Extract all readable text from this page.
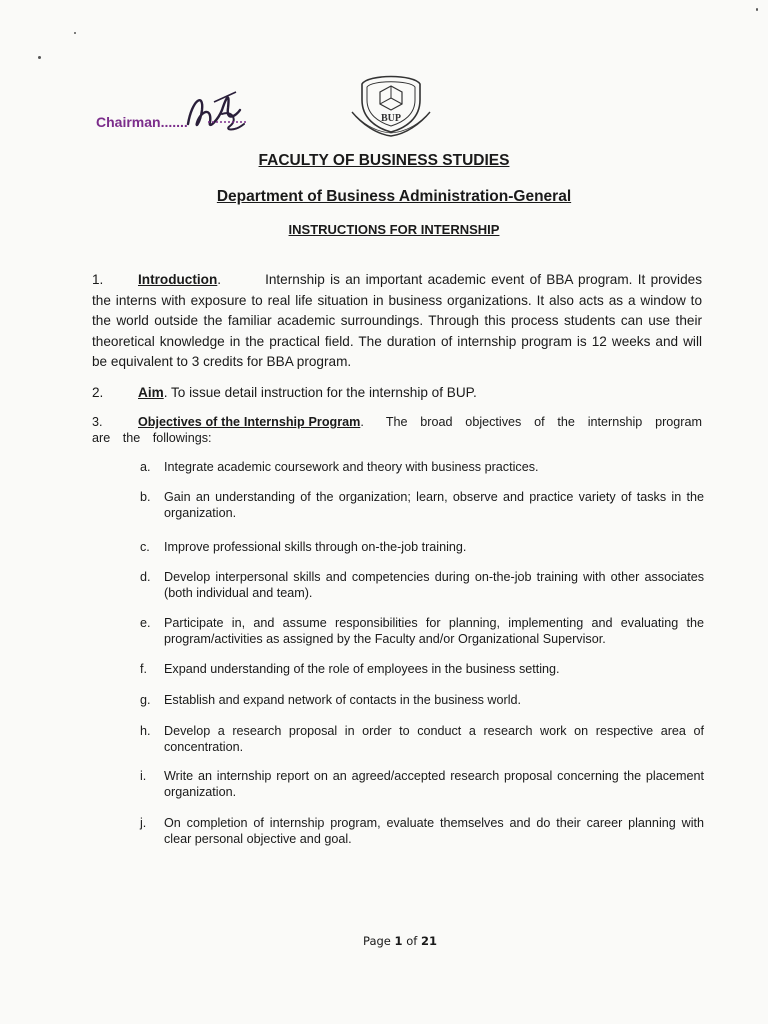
Chairman.......	BUP
FACULTY OF BUSINESS STUDIES
Department of Business Administration-General
INSTRUCTIONS FOR INTERNSHIP
1.	Introduction.	Internship is an important academic event of BBA program. It provides the interns with exposure to real life situation in business organizations. It also acts as a window to the world outside the familiar academic surroundings. Through this process students can use their theoretical knowledge in the practical field. The duration of internship program is 12 weeks and will be equivalent to 3 credits for BBA program.
2.	Aim. To issue detail instruction for the internship of BUP.
3.	Objectives of the Internship Program. The broad objectives of the internship program are the followings:
a.	Integrate academic coursework and theory with business practices.
b.	Gain an understanding of the organization; learn, observe and practice variety of tasks in the organization.
c.	Improve professional skills through on-the-job training.
d.	Develop interpersonal skills and competencies during on-the-job training with other associates (both individual and team).
e.	Participate in, and assume responsibilities for planning, implementing and evaluating the program/activities as assigned by the Faculty and/or Organizational Supervisor.
f.	Expand understanding of the role of employees in the business setting.
g.	Establish and expand network of contacts in the business world.
h.	Develop a research proposal in order to conduct a research work on respective area of concentration.
i.	Write an internship report on an agreed/accepted research proposal concerning the placement organization.
j.	On completion of internship program, evaluate themselves and do their career planning with clear personal objective and goal.
Page 1 of 21
